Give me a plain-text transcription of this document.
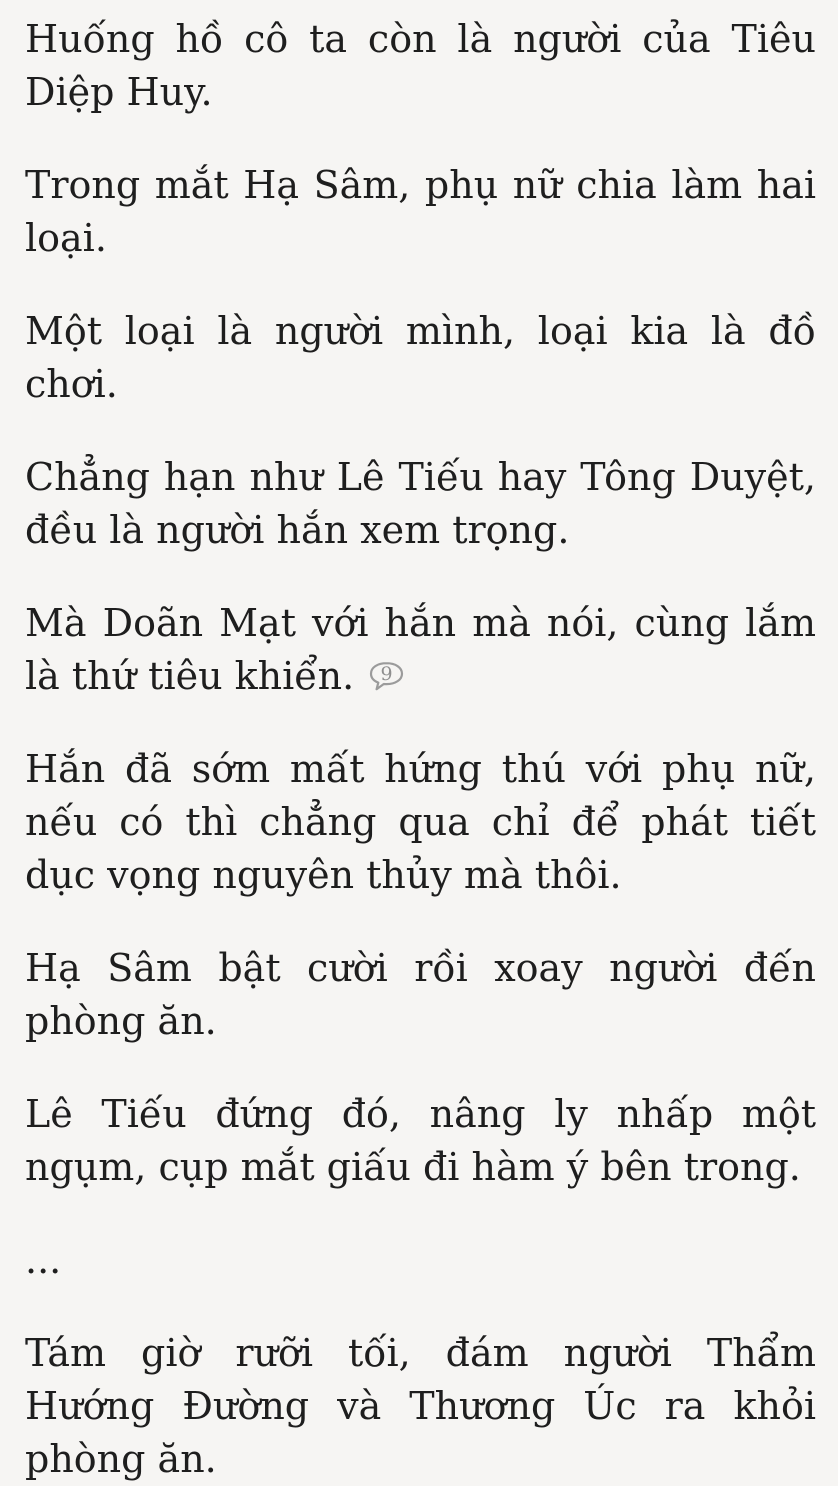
Huống hồ cô ta còn là người của Tiêu Diệp Huy.

Trong mắt Hạ Sâm, phụ nữ chia làm hai loại.

Một loại là người mình, loại kia là đồ chơi.

Chẳng hạn như Lê Tiếu hay Tông Duyệt, đều là người hắn xem trọng.

Mà Doãn Mạt với hắn mà nói, cùng lắm là thứ tiêu khiển. 9

Hắn đã sớm mất hứng thú với phụ nữ, nếu có thì chẳng qua chỉ để phát tiết dục vọng nguyên thủy mà thôi.

Hạ Sâm bật cười rồi xoay người đến phòng ăn.

Lê Tiếu đứng đó, nâng ly nhấp một ngụm, cụp mắt giấu đi hàm ý bên trong.

...

Tám giờ rưỡi tối, đám người Thẩm Hướng Đường và Thương Úc ra khỏi phòng ăn.
